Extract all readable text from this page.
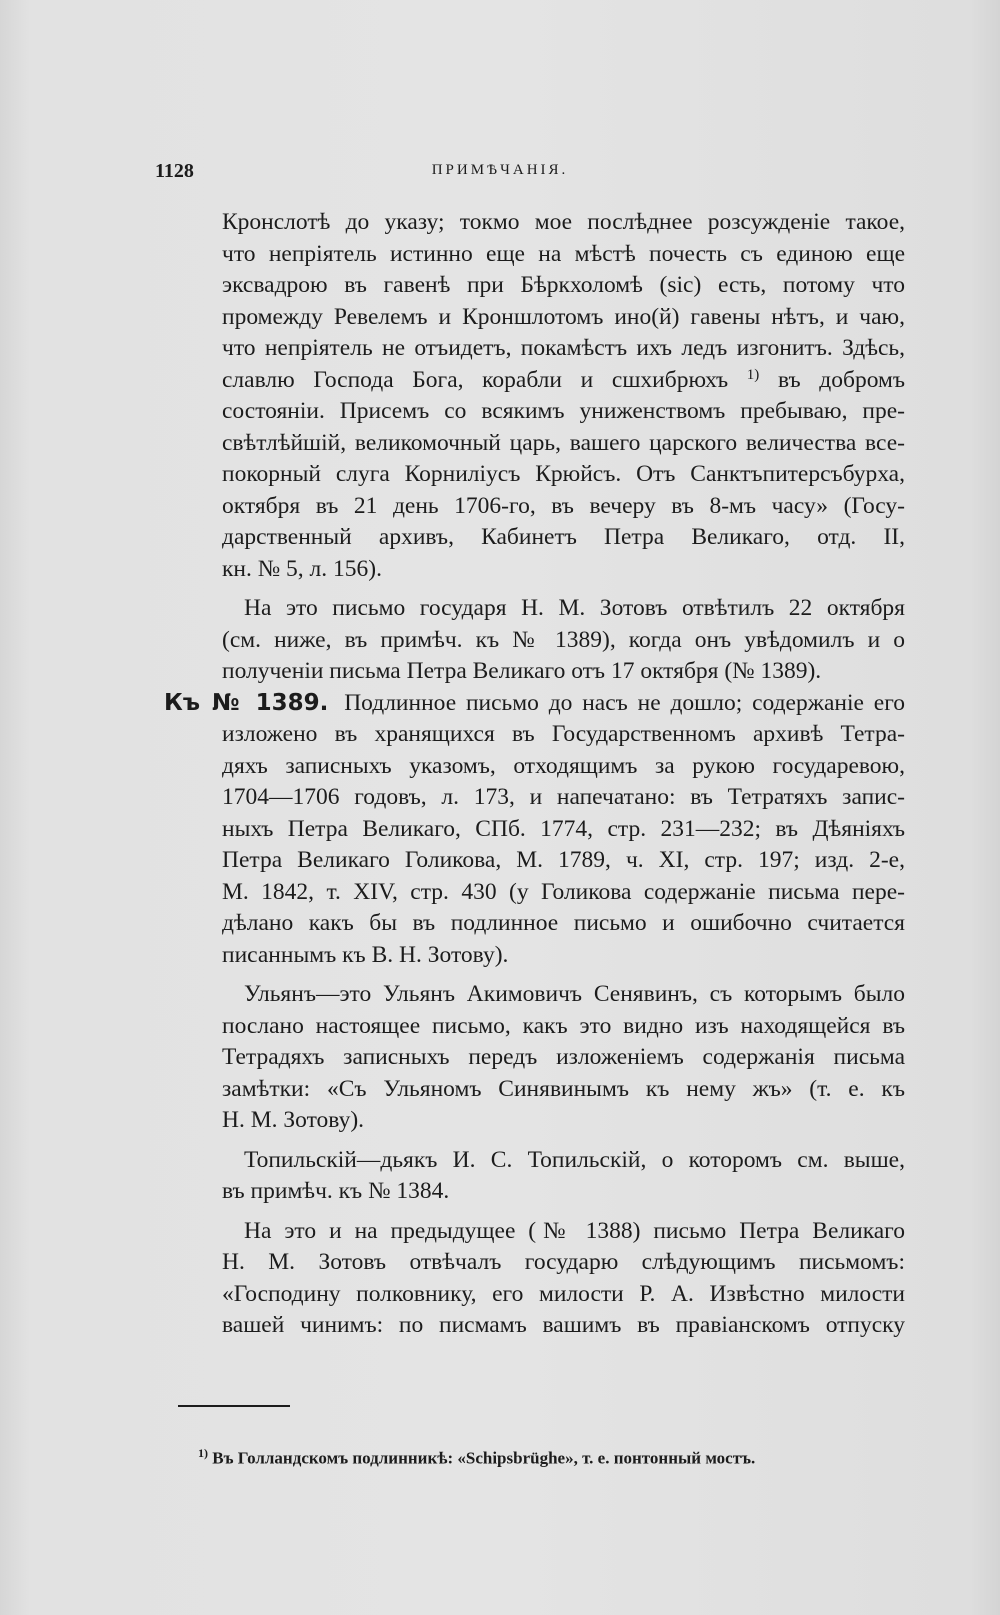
1128	ПРИМѢЧАНІЯ.
Кронслотѣ до указу; токмо мое послѣднее розсужденіе такое,
что непріятель истинно еще на мѣстѣ почесть съ единою еще
эксвадрою въ гавенѣ при Бѣркхоломѣ (sic) есть, потому что
промежду Ревелемъ и Кроншлотомъ ино(й) гавены нѣтъ, и чаю,
что непріятель не отъидетъ, покамѣстъ ихъ ледъ изгонитъ. Здѣсь,
славлю Господа Бога, корабли и сшхибрюхъ $^{1)}$ въ добромъ
состояніи. Присемъ со всякимъ униженствомъ пребываю, пре-
свѣтлѣйшій, великомочный царь, вашего царского величества все-
покорный слуга Корниліусъ Крюйсъ. Отъ Санктъпитерсъбурха,
октября въ 21 день 1706-го, въ вечеру въ 8-мъ часу» (Госу-
дарственный архивъ, Кабинетъ Петра Великаго, отд. II,
кн. № 5, л. 156).
На это письмо государя Н. М. Зотовъ отвѣтилъ 22 октября
(см. ниже, въ примѣч. къ № 1389), когда онъ увѣдомилъ и о
полученіи письма Петра Великаго отъ 17 октября (№ 1389).
Къ № 1389. Подлинное письмо до насъ не дошло; содержаніе его
изложено въ хранящихся въ Государственномъ архивѣ Тетра-
дяхъ записныхъ указомъ, отходящимъ за рукою государевою,
1704—1706 годовъ, л. 173, и напечатано: въ Тетратяхъ запис-
ныхъ Петра Великаго, СПб. 1774, стр. 231—232; въ Дѣяніяхъ
Петра Великаго Голикова, М. 1789, ч. XI, стр. 197; изд. 2-е,
М. 1842, т. XIV, стр. 430 (у Голикова содержаніе письма пере-
дѣлано какъ бы въ подлинное письмо и ошибочно считается
писаннымъ къ В. Н. Зотову).
Ульянъ—это Ульянъ Акимовичъ Сенявинъ, съ которымъ было
послано настоящее письмо, какъ это видно изъ находящейся въ
Тетрадяхъ записныхъ передъ изложеніемъ содержанія письма
замѣтки: «Съ Ульяномъ Синявинымъ къ нему жъ» (т. е. къ
Н. М. Зотову).
Топильскій—дьякъ И. С. Топильскій, о которомъ см. выше,
въ примѣч. къ № 1384.
На это и на предыдущее (№ 1388) письмо Петра Великаго
Н. М. Зотовъ отвѣчалъ государю слѣдующимъ письмомъ:
«Господину полковнику, его милости Р. А. Извѣстно милости
вашей чинимъ: по писмамъ вашимъ въ правіанскомъ отпуску
$^{1)}$ Въ Голландскомъ подлинникѣ: «Schipsbrüghe», т. е. понтонный мостъ.
